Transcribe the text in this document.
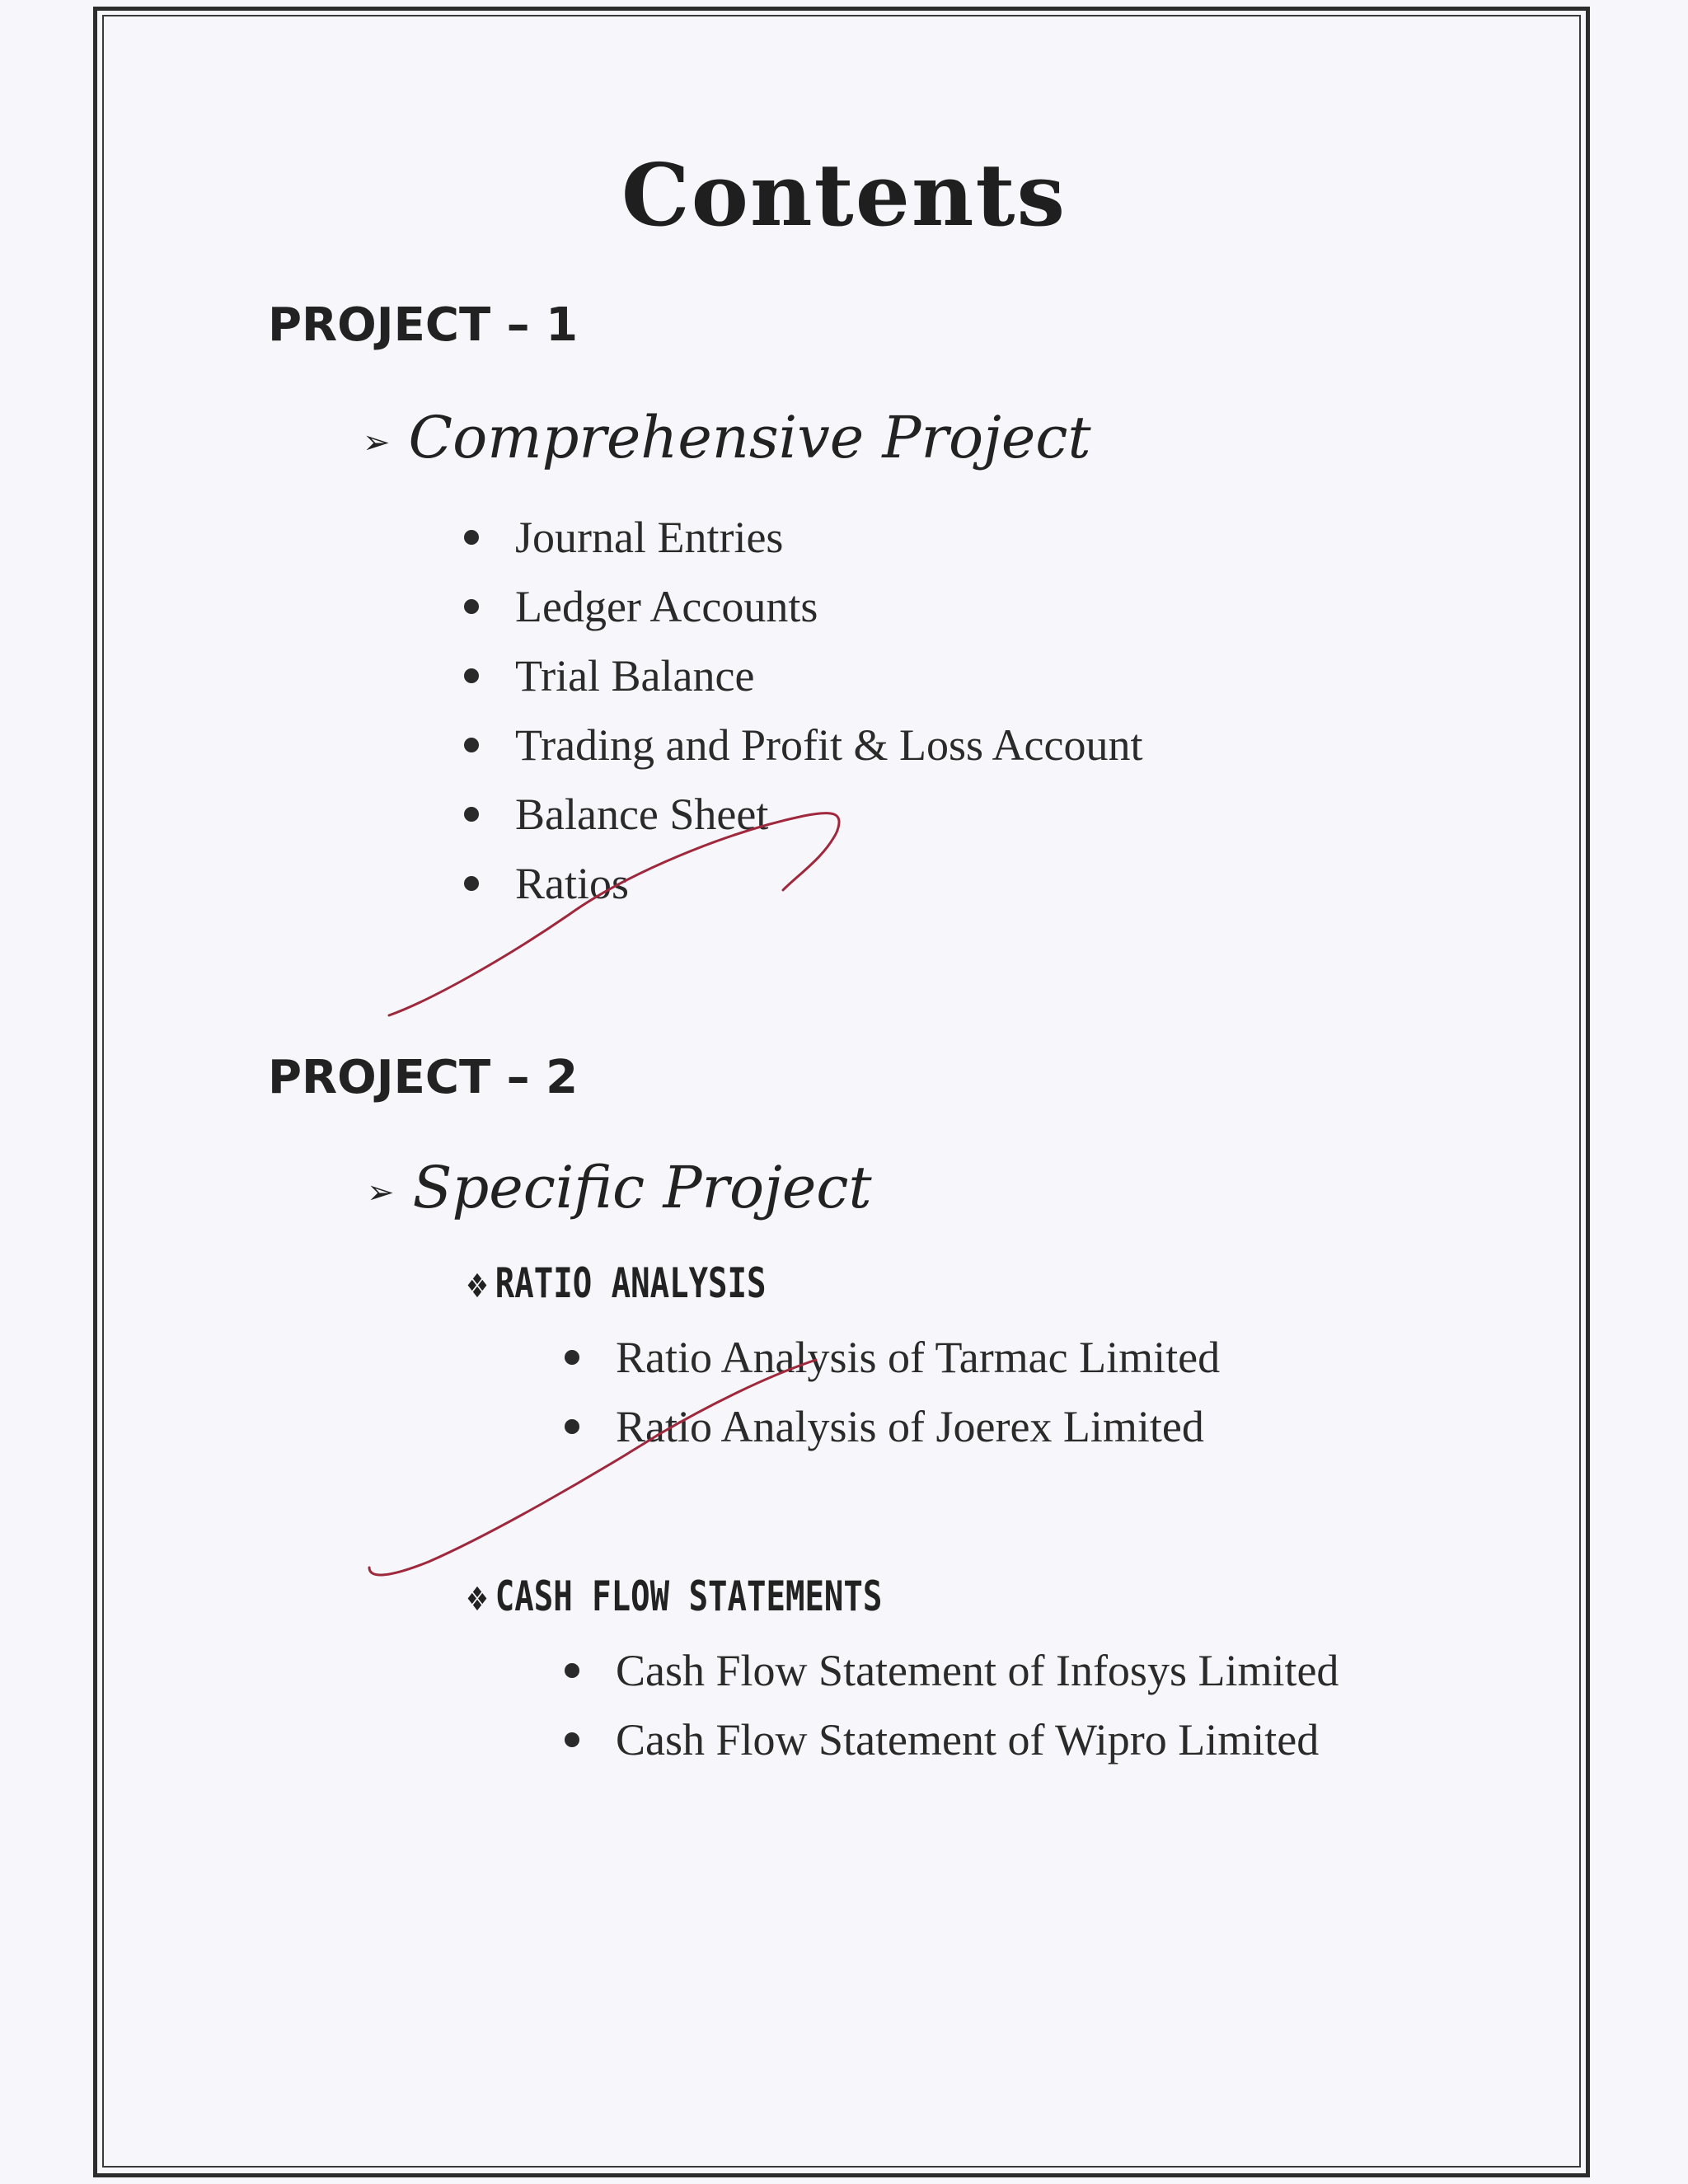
Contents
PROJECT – 1
➢ Comprehensive Project
Journal Entries
Ledger Accounts
Trial Balance
Trading and Profit & Loss Account
Balance Sheet
Ratios
PROJECT – 2
➢ Specific Project
❖ RATIO ANALYSIS
Ratio Analysis of Tarmac Limited
Ratio Analysis of Joerex Limited
❖ CASH FLOW STATEMENTS
Cash Flow Statement of Infosys Limited
Cash Flow Statement of Wipro Limited
